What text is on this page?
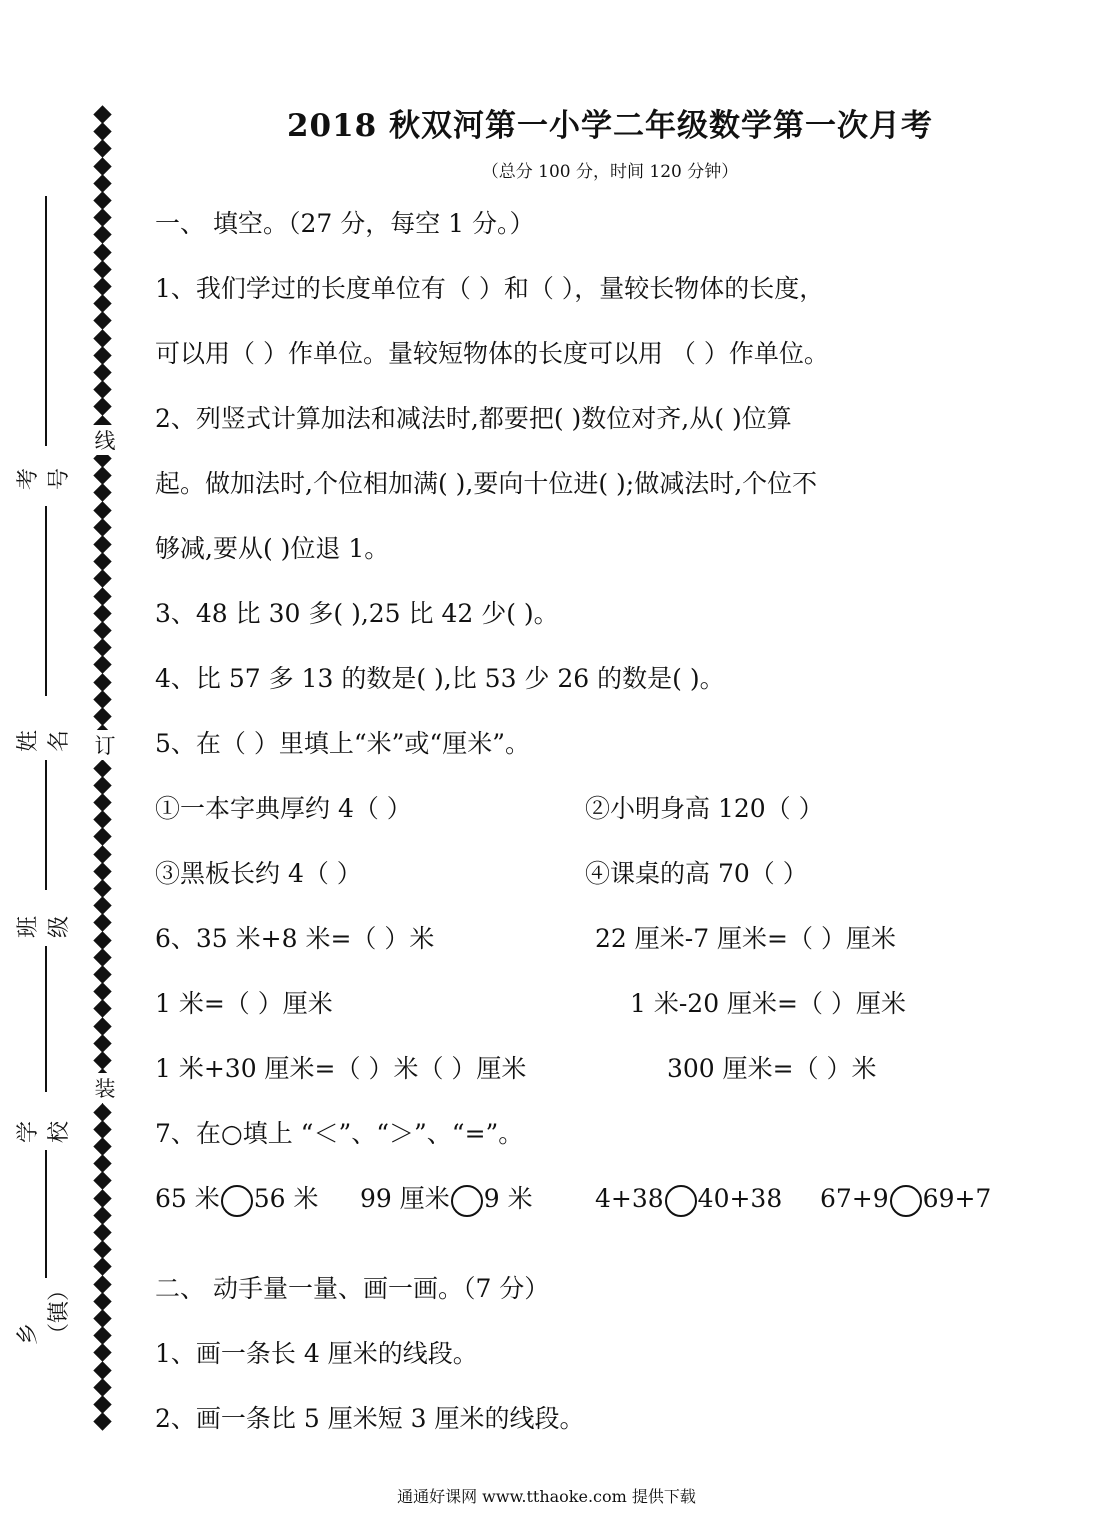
考号
姓名
班级
学校
乡（镇）
线
订
装
2018 秋双河第一小学二年级数学第一次月考
（总分 100 分，时间 120 分钟）
一、 填空。（27 分，每空 1 分。）
1、我们学过的长度单位有（ ）和（ ），量较长物体的长度，
可以用（ ）作单位。量较短物体的长度可以用 （ ）作单位。
2、列竖式计算加法和减法时,都要把( )数位对齐,从( )位算
起。做加法时,个位相加满( ),要向十位进( );做减法时,个位不
够减,要从( )位退 1。
3、48 比 30 多( ),25 比 42 少( )。
4、比 57 多 13 的数是( ),比 53 少 26 的数是( )。
5、在（ ）里填上“米”或“厘米”。
①一本字典厚约 4（ ）	②小明身高 120（ ）
③黑板长约 4（ ）	④课桌的高 70（ ）
6、35 米+8 米=（ ）米	22 厘米-7 厘米=（ ）厘米
1 米=（ ）厘米	1 米-20 厘米=（ ）厘米
1 米+30 厘米=（ ）米（ ）厘米	300 厘米=（ ）米
7、在○填上 “＜”、“＞”、“=”。
65 米 56 米	99 厘米 9 米	4+38 40+38	67+9 69+7
二、 动手量一量、画一画。（7 分）
1、画一条长 4 厘米的线段。
2、画一条比 5 厘米短 3 厘米的线段。
通通好课网 www.tthaoke.com 提供下载
